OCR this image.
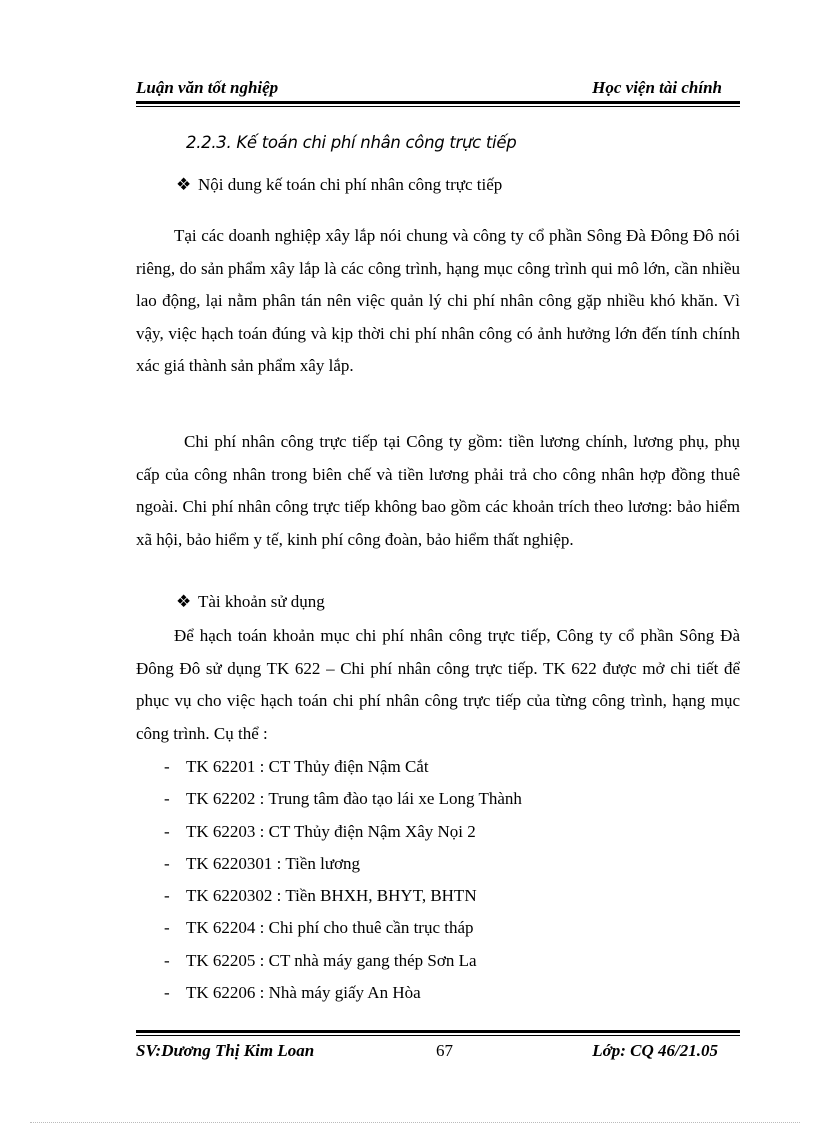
Luận văn tốt nghiệp	Học viện tài chính
2.2.3. Kế toán chi phí nhân công trực tiếp
❖ Nội dung kế toán chi phí nhân công trực tiếp
Tại các doanh nghiệp xây lắp nói chung và công ty cổ phần Sông Đà Đông Đô nói riêng, do sản phẩm xây lắp là các công trình, hạng mục công trình qui mô lớn, cần nhiều lao động, lại nằm phân tán nên việc quản lý chi phí nhân công gặp nhiều khó khăn. Vì vậy, việc hạch toán đúng và kịp thời chi phí nhân công có ảnh hưởng lớn đến tính chính xác giá thành sản phẩm xây lắp.
Chi phí nhân công trực tiếp tại Công ty gồm: tiền lương chính, lương phụ, phụ cấp của công nhân trong biên chế và tiền lương phải trả cho công nhân hợp đồng thuê ngoài. Chi phí nhân công trực tiếp không bao gồm các khoản trích theo lương: bảo hiểm xã hội, bảo hiểm y tế, kinh phí công đoàn, bảo hiểm thất nghiệp.
❖ Tài khoản sử dụng
Để hạch toán khoản mục chi phí nhân công trực tiếp, Công ty cổ phần Sông Đà Đông Đô sử dụng TK 622 – Chi phí nhân công trực tiếp. TK 622 được mở chi tiết để phục vụ cho việc hạch toán chi phí nhân công trực tiếp của từng công trình, hạng mục công trình. Cụ thể :
- TK 62201 : CT Thủy điện Nậm Cắt
- TK 62202 : Trung tâm đào tạo lái xe Long Thành
- TK 62203 : CT Thủy điện Nậm Xây Nọi 2
- TK 6220301 : Tiền lương
- TK 6220302 : Tiền BHXH, BHYT, BHTN
- TK 62204 : Chi phí cho thuê cần trục tháp
- TK 62205 : CT nhà máy gang thép Sơn La
- TK 62206 : Nhà máy giấy An Hòa
SV:Dương Thị Kim Loan	67	Lớp: CQ 46/21.05
